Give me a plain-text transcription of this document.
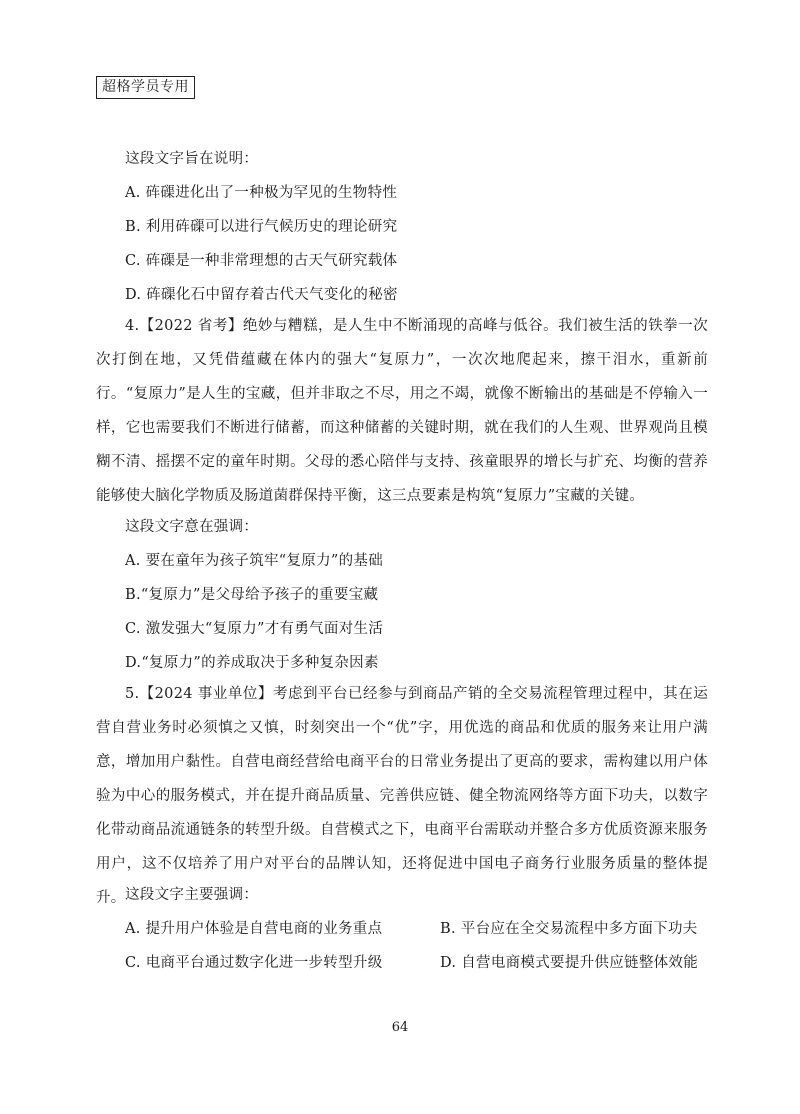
超格学员专用
这段文字旨在说明：
A. 砗磲进化出了一种极为罕见的生物特性
B. 利用砗磲可以进行气候历史的理论研究
C. 砗磲是一种非常理想的古天气研究载体
D. 砗磲化石中留存着古代天气变化的秘密
4.【2022 省考】绝妙与糟糕，是人生中不断涌现的高峰与低谷。我们被生活的铁拳一次次打倒在地，又凭借蕴藏在体内的强大“复原力”，一次次地爬起来，擦干泪水，重新前行。“复原力”是人生的宝藏，但并非取之不尽，用之不竭，就像不断输出的基础是不停输入一样，它也需要我们不断进行储蓄，而这种储蓄的关键时期，就在我们的人生观、世界观尚且模糊不清、摇摆不定的童年时期。父母的悉心陪伴与支持、孩童眼界的增长与扩充、均衡的营养能够使大脑化学物质及肠道菌群保持平衡，这三点要素是构筑“复原力”宝藏的关键。
这段文字意在强调：
A. 要在童年为孩子筑牢“复原力”的基础
B.“复原力”是父母给予孩子的重要宝藏
C. 激发强大“复原力”才有勇气面对生活
D.“复原力”的养成取决于多种复杂因素
5.【2024 事业单位】考虑到平台已经参与到商品产销的全交易流程管理过程中，其在运营自营业务时必须慎之又慎，时刻突出一个“优”字，用优选的商品和优质的服务来让用户满意，增加用户黏性。自营电商经营给电商平台的日常业务提出了更高的要求，需构建以用户体验为中心的服务模式，并在提升商品质量、完善供应链、健全物流网络等方面下功夫，以数字化带动商品流通链条的转型升级。自营模式之下，电商平台需联动并整合多方优质资源来服务用户，这不仅培养了用户对平台的品牌认知，还将促进中国电子商务行业服务质量的整体提升。 这段文字主要强调：
A. 提升用户体验是自营电商的业务重点	B. 平台应在全交易流程中多方面下功夫
C. 电商平台通过数字化进一步转型升级	D. 自营电商模式要提升供应链整体效能
64
